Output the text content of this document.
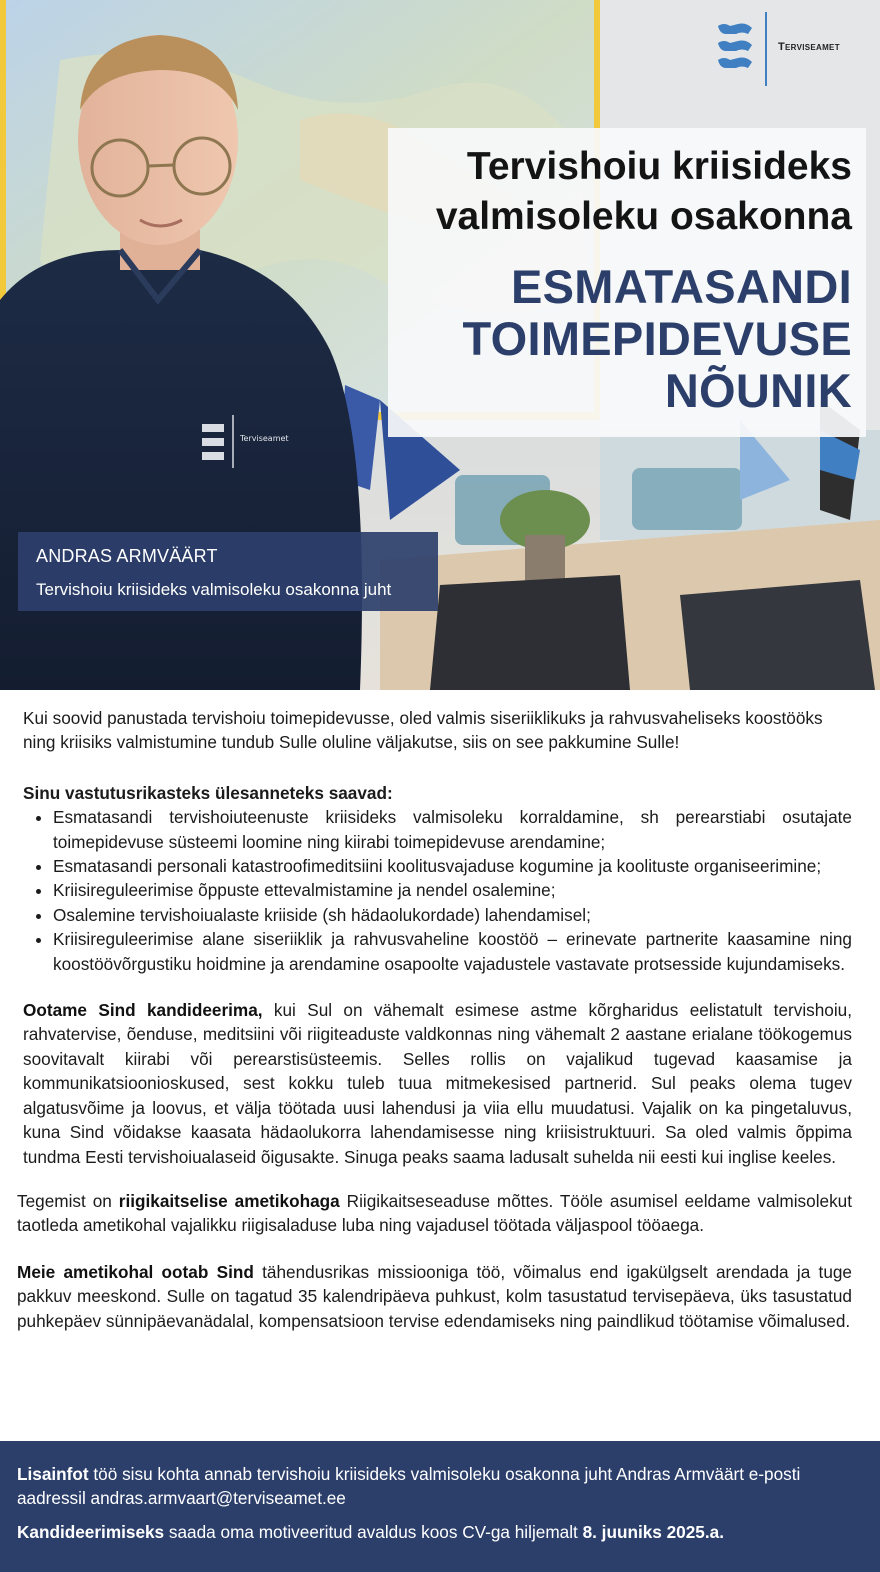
Terviseamet
Terviseamet
Tervishoiu kriisideks
valmisoleku osakonna
ESMATASANDI
TOIMEPIDEVUSE
NÕUNIK
ANDRAS ARMVÄÄRT
Tervishoiu kriisideks valmisoleku osakonna juht

Kui soovid panustada tervishoiu toimepidevusse, oled valmis siseriiklikuks ja rahvusvaheliseks koostööks ning kriisiks valmistumine tundub Sulle oluline väljakutse, siis on see pakkumine Sulle!

Sinu vastutusrikasteks ülesanneteks saavad:

• Esmatasandi tervishoiuteenuste kriisideks valmisoleku korraldamine, sh perearstiabi osutajate toimepidevuse süsteemi loomine ning kiirabi toimepidevuse arendamine;
• Esmatasandi personali katastroofimeditsiini koolitusvajaduse kogumine ja koolituste organiseerimine;
• Kriisireguleerimise õppuste ettevalmistamine ja nendel osalemine;
• Osalemine tervishoiualaste kriiside (sh hädaolukordade) lahendamisel;
• Kriisireguleerimise alane siseriiklik ja rahvusvaheline koostöö – erinevate partnerite kaasamine ning koostöövõrgustiku hoidmine ja arendamine osapoolte vajadustele vastavate protsesside kujundamiseks.

Ootame Sind kandideerima, kui Sul on vähemalt esimese astme kõrgharidus eelistatult tervishoiu, rahvatervise, õenduse, meditsiini või riigiteaduste valdkonnas ning vähemalt 2 aastane erialane töökogemus soovitavalt kiirabi või perearstisüsteemis. Selles rollis on vajalikud tugevad kaasamise ja kommunikatsioonioskused, sest kokku tuleb tuua mitmekesised partnerid. Sul peaks olema tugev algatusvõime ja loovus, et välja töötada uusi lahendusi ja viia ellu muudatusi. Vajalik on ka pingetaluvus, kuna Sind võidakse kaasata hädaolukorra lahendamisesse ning kriisistruktuuri. Sa oled valmis õppima tundma Eesti tervishoiualaseid õigusakte. Sinuga peaks saama ladusalt suhelda nii eesti kui inglise keeles.

Tegemist on riigikaitselise ametikohaga Riigikaitseseaduse mõttes. Tööle asumisel eeldame valmisolekut taotleda ametikohal vajalikku riigisaladuse luba ning vajadusel töötada väljaspool tööaega.

Meie ametikohal ootab Sind tähendusrikas missiooniga töö, võimalus end igakülgselt arendada ja tuge pakkuv meeskond. Sulle on tagatud 35 kalendripäeva puhkust, kolm tasustatud tervisepäeva, üks tasustatud puhkepäev sünnipäevanädalal, kompensatsioon tervise edendamiseks ning paindlikud töötamise võimalused.

Lisainfot töö sisu kohta annab tervishoiu kriisideks valmisoleku osakonna juht Andras Armväärt e-posti aadressil andras.armvaart@terviseamet.ee

Kandideerimiseks saada oma motiveeritud avaldus koos CV-ga hiljemalt 8. juuniks 2025.a.
